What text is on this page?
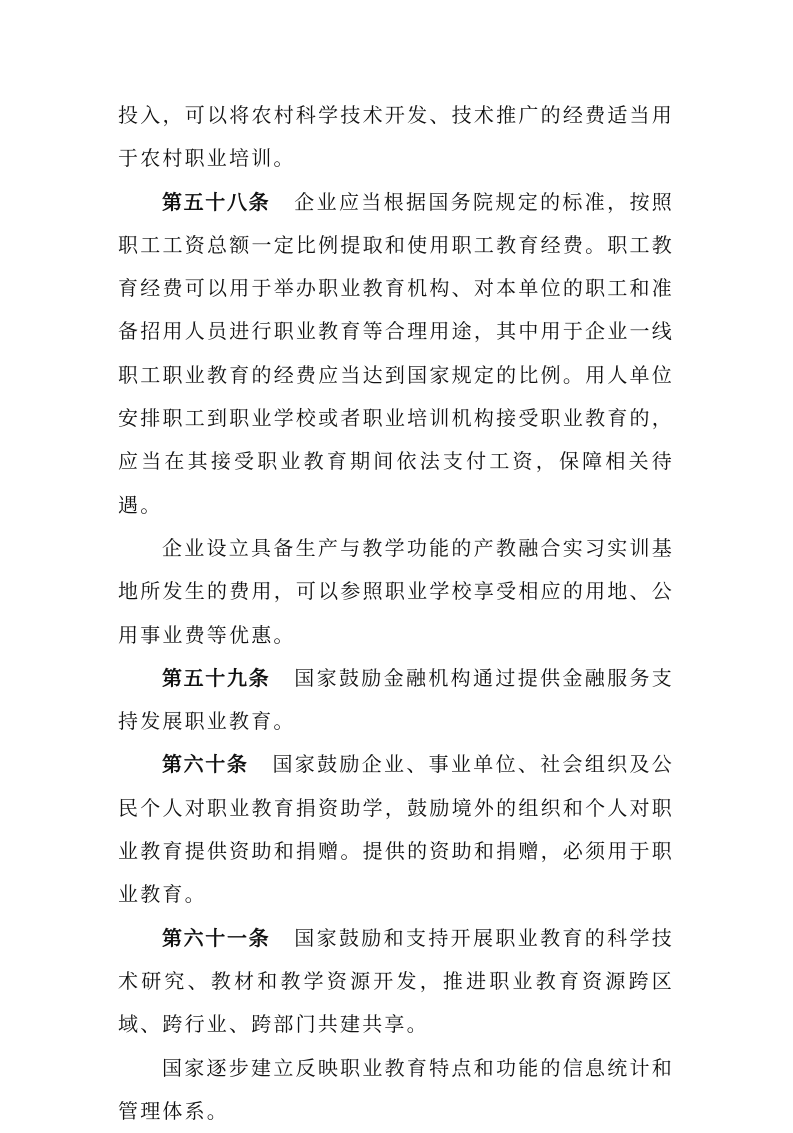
投入，可以将农村科学技术开发、技术推广的经费适当用于农村职业培训。

第五十八条 企业应当根据国务院规定的标准，按照职工工资总额一定比例提取和使用职工教育经费。职工教育经费可以用于举办职业教育机构、对本单位的职工和准备招用人员进行职业教育等合理用途，其中用于企业一线职工职业教育的经费应当达到国家规定的比例。用人单位安排职工到职业学校或者职业培训机构接受职业教育的，应当在其接受职业教育期间依法支付工资，保障相关待遇。

企业设立具备生产与教学功能的产教融合实习实训基地所发生的费用，可以参照职业学校享受相应的用地、公用事业费等优惠。

第五十九条 国家鼓励金融机构通过提供金融服务支持发展职业教育。

第六十条 国家鼓励企业、事业单位、社会组织及公民个人对职业教育捐资助学，鼓励境外的组织和个人对职业教育提供资助和捐赠。提供的资助和捐赠，必须用于职业教育。

第六十一条 国家鼓励和支持开展职业教育的科学技术研究、教材和教学资源开发，推进职业教育资源跨区域、跨行业、跨部门共建共享。

国家逐步建立反映职业教育特点和功能的信息统计和管理体系。
